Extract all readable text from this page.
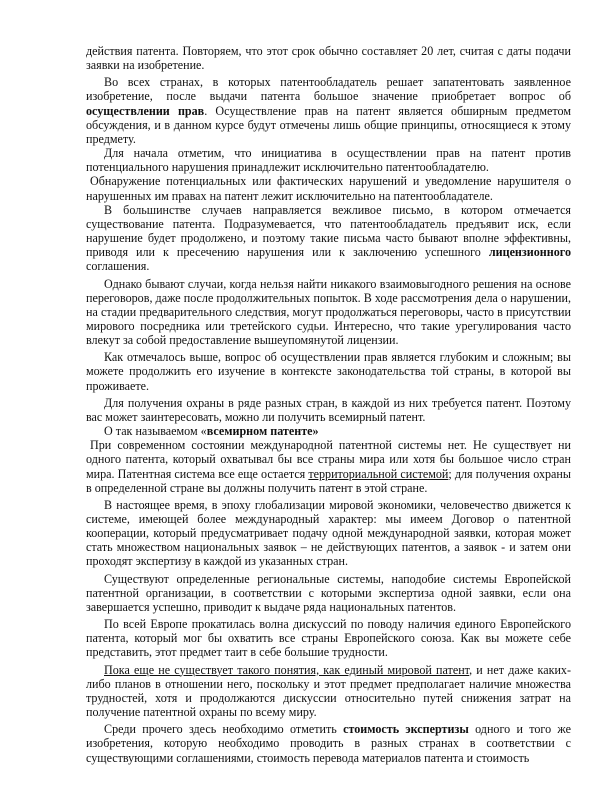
действия патента. Повторяем, что этот срок обычно составляет 20 лет, считая с даты подачи заявки на изобретение.

Во всех странах, в которых патентообладатель решает запатентовать заявленное изобретение, после выдачи патента большое значение приобретает вопрос об осуществлении прав. Осуществление прав на патент является обширным предметом обсуждения, и в данном курсе будут отмечены лишь общие принципы, относящиеся к этому предмету.

Для начала отметим, что инициатива в осуществлении прав на патент против потенциального нарушения принадлежит исключительно патентообладателю.

Обнаружение потенциальных или фактических нарушений и уведомление нарушителя о нарушенных им правах на патент лежит исключительно на патентообладателе.

В большинстве случаев направляется вежливое письмо, в котором отмечается существование патента. Подразумевается, что патентообладатель предъявит иск, если нарушение будет продолжено, и поэтому такие письма часто бывают вполне эффективны, приводя или к пресечению нарушения или к заключению успешного лицензионного соглашения.

Однако бывают случаи, когда нельзя найти никакого взаимовыгодного решения на основе переговоров, даже после продолжительных попыток. В ходе рассмотрения дела о нарушении, на стадии предварительного следствия, могут продолжаться переговоры, часто в присутствии мирового посредника или третейского судьи. Интересно, что такие урегулирования часто влекут за собой предоставление вышеупомянутой лицензии.

Как отмечалось выше, вопрос об осуществлении прав является глубоким и сложным; вы можете продолжить его изучение в контексте законодательства той страны, в которой вы проживаете.

Для получения охраны в ряде разных стран, в каждой из них требуется патент. Поэтому вас может заинтересовать, можно ли получить всемирный патент.

О так называемом «всемирном патенте»

При современном состоянии международной патентной системы нет. Не существует ни одного патента, который охватывал бы все страны мира или хотя бы большое число стран мира. Патентная система все еще остается территориальной системой; для получения охраны в определенной стране вы должны получить патент в этой стране.

В настоящее время, в эпоху глобализации мировой экономики, человечество движется к системе, имеющей более международный характер: мы имеем Договор о патентной кооперации, который предусматривает подачу одной международной заявки, которая может стать множеством национальных заявок – не действующих патентов, а заявок - и затем они проходят экспертизу в каждой из указанных стран.

Существуют определенные региональные системы, наподобие системы Европейской патентной организации, в соответствии с которыми экспертиза одной заявки, если она завершается успешно, приводит к выдаче ряда национальных патентов.

По всей Европе прокатилась волна дискуссий по поводу наличия единого Европейского патента, который мог бы охватить все страны Европейского союза. Как вы можете себе представить, этот предмет таит в себе большие трудности.

Пока еще не существует такого понятия, как единый мировой патент, и нет даже каких-либо планов в отношении него, поскольку и этот предмет предполагает наличие множества трудностей, хотя и продолжаются дискуссии относительно путей снижения затрат на получение патентной охраны по всему миру.

Среди прочего здесь необходимо отметить стоимость экспертизы одного и того же изобретения, которую необходимо проводить в разных странах в соответствии с существующими соглашениями, стоимость перевода материалов патента и стоимость
